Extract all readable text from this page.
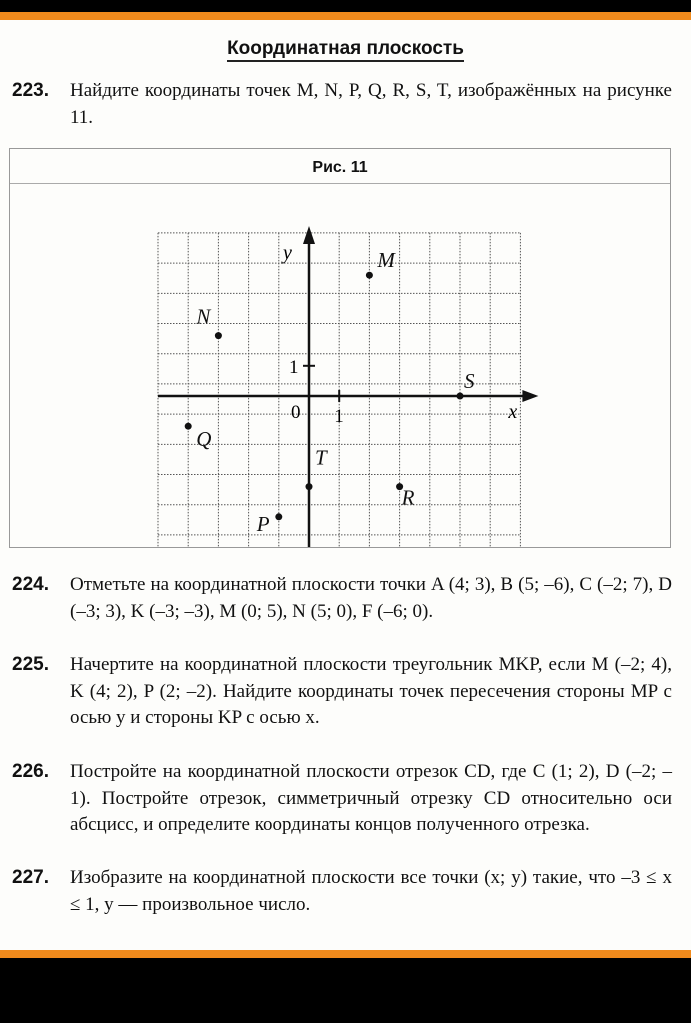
Координатная плоскость
223. Найдите координаты точек M, N, P, Q, R, S, T, изображённых на рисунке 11.
Рис. 11
M
N
P
Q
R
S
T
x
y
0 1
1
224. Отметьте на координатной плоскости точки A (4; 3), B (5; –6), C (–2; 7), D (–3; 3), K (–3; –3), M (0; 5), N (5; 0), F (–6; 0).
225. Начертите на координатной плоскости треугольник MKP, если M (–2; 4), K (4; 2), P (2; –2). Найдите координаты точек пересечения стороны MP с осью y и стороны KP с осью x.
226. Постройте на координатной плоскости отрезок CD, где C (1; 2), D (–2; –1). Постройте отрезок, симметричный отрезку CD относительно оси абсцисс, и определите координаты концов полученного отрезка.
227. Изобразите на координатной плоскости все точки (x; y) такие, что –3 ≤ x ≤ 1, y — произвольное число.
